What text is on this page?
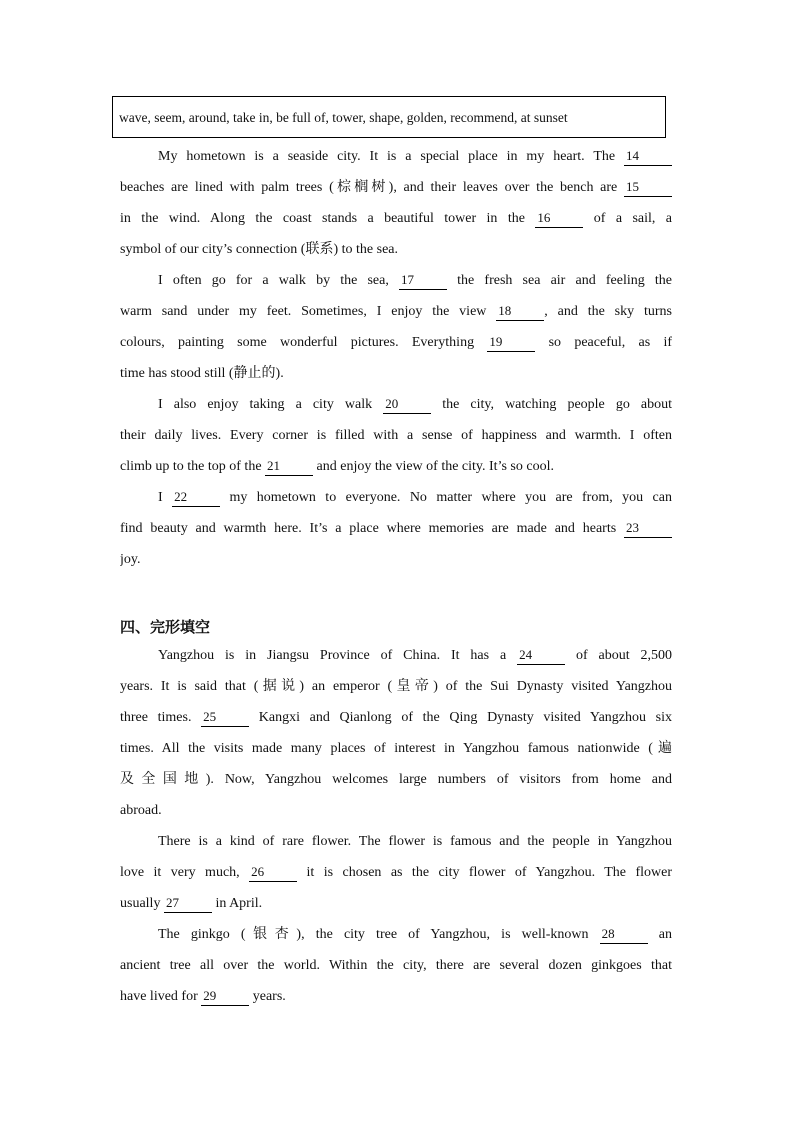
wave, seem, around, take in, be full of, tower, shape, golden, recommend, at sunset
My hometown is a seaside city. It is a special place in my heart. The 14
beaches are lined with palm trees (棕榈树), and their leaves over the bench are 15
in the wind. Along the coast stands a beautiful tower in the 16 of a sail, a
symbol of our city’s connection (联系) to the sea.
I often go for a walk by the sea, 17 the fresh sea air and feeling the
warm sand under my feet. Sometimes, I enjoy the view 18 , and the sky turns
colours, painting some wonderful pictures. Everything 19 so peaceful, as if
time has stood still (静止的).
I also enjoy taking a city walk 20 the city, watching people go about
their daily lives. Every corner is filled with a sense of happiness and warmth. I often
climb up to the top of the 21 and enjoy the view of the city. It’s so cool.
I 22 my hometown to everyone. No matter where you are from, you can
find beauty and warmth here. It’s a place where memories are made and hearts 23
joy.
四、完形填空
Yangzhou is in Jiangsu Province of China. It has a 24 of about 2,500
years. It is said that (据说) an emperor (皇帝) of the Sui Dynasty visited Yangzhou
three times. 25 Kangxi and Qianlong of the Qing Dynasty visited Yangzhou six
times. All the visits made many places of interest in Yangzhou famous nationwide (遍
及全国地). Now, Yangzhou welcomes large numbers of visitors from home and
abroad.
There is a kind of rare flower. The flower is famous and the people in Yangzhou
love it very much, 26 it is chosen as the city flower of Yangzhou. The flower
usually 27 in April.
The ginkgo (银杏), the city tree of Yangzhou, is well-known 28 an
ancient tree all over the world. Within the city, there are several dozen ginkgoes that
have lived for 29 years.
